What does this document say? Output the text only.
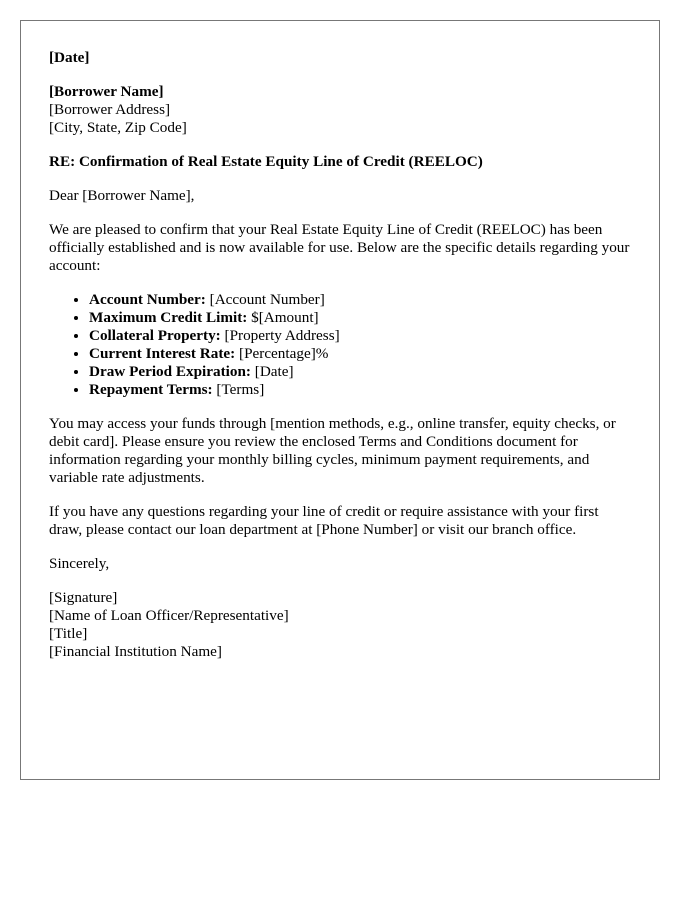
[Date]
[Borrower Name]
[Borrower Address]
[City, State, Zip Code]
RE: Confirmation of Real Estate Equity Line of Credit (REELOC)

Dear [Borrower Name],

We are pleased to confirm that your Real Estate Equity Line of Credit (REELOC) has been officially established and is now available for use. Below are the specific details regarding your account:

• Account Number: [Account Number]
• Maximum Credit Limit: $[Amount]
• Collateral Property: [Property Address]
• Current Interest Rate: [Percentage]%
• Draw Period Expiration: [Date]
• Repayment Terms: [Terms]

You may access your funds through [mention methods, e.g., online transfer, equity checks, or debit card]. Please ensure you review the enclosed Terms and Conditions document for information regarding your monthly billing cycles, minimum payment requirements, and variable rate adjustments.

If you have any questions regarding your line of credit or require assistance with your first draw, please contact our loan department at [Phone Number] or visit our branch office.

Sincerely,

[Signature]
[Name of Loan Officer/Representative]
[Title]
[Financial Institution Name]
